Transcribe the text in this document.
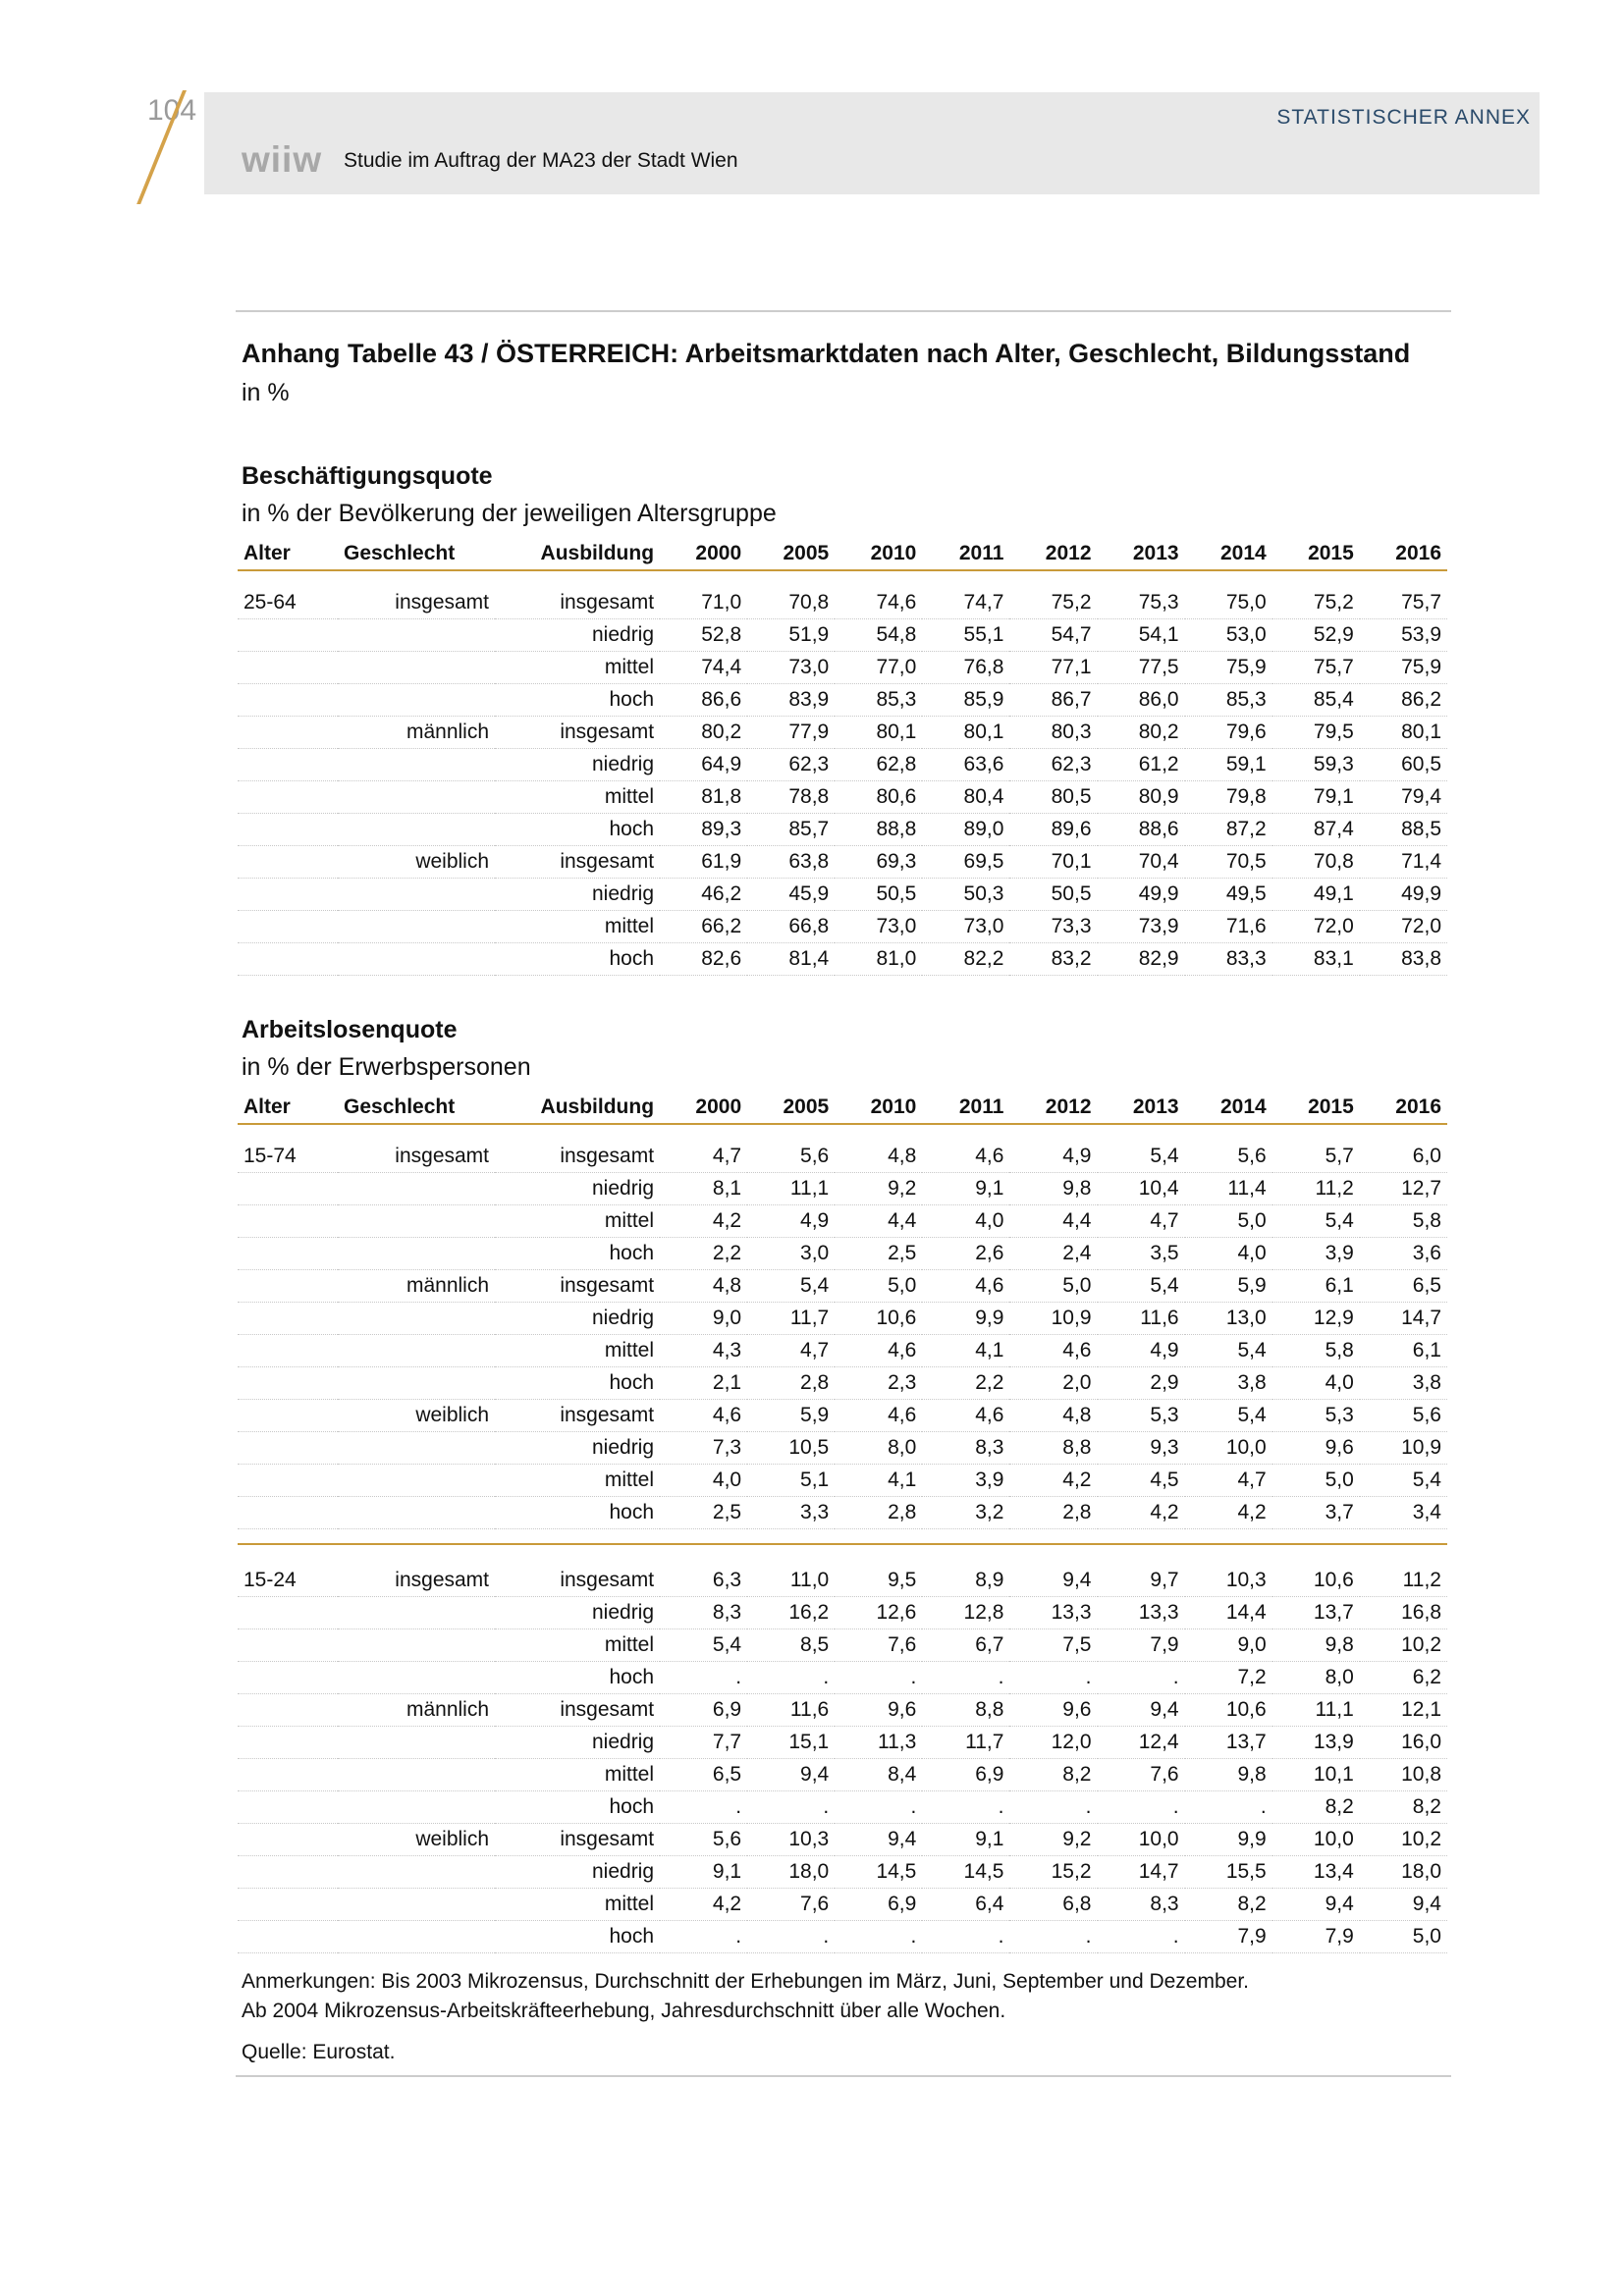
104	STATISTISCHER ANNEX
wiiw Studie im Auftrag der MA23 der Stadt Wien
Anhang Tabelle 43 / ÖSTERREICH: Arbeitsmarktdaten nach Alter, Geschlecht, Bildungsstand
in %
Beschäftigungsquote
in % der Bevölkerung der jeweiligen Altersgruppe
Alter	Geschlecht	Ausbildung	2000	2005	2010	2011	2012	2013	2014	2015	2016

25-64	insgesamt	insgesamt	71,0	70,8	74,6	74,7	75,2	75,3	75,0	75,2	75,7
		niedrig	52,8	51,9	54,8	55,1	54,7	54,1	53,0	52,9	53,9
		mittel	74,4	73,0	77,0	76,8	77,1	77,5	75,9	75,7	75,9
		hoch	86,6	83,9	85,3	85,9	86,7	86,0	85,3	85,4	86,2
	männlich	insgesamt	80,2	77,9	80,1	80,1	80,3	80,2	79,6	79,5	80,1
		niedrig	64,9	62,3	62,8	63,6	62,3	61,2	59,1	59,3	60,5
		mittel	81,8	78,8	80,6	80,4	80,5	80,9	79,8	79,1	79,4
		hoch	89,3	85,7	88,8	89,0	89,6	88,6	87,2	87,4	88,5
	weiblich	insgesamt	61,9	63,8	69,3	69,5	70,1	70,4	70,5	70,8	71,4
		niedrig	46,2	45,9	50,5	50,3	50,5	49,9	49,5	49,1	49,9
		mittel	66,2	66,8	73,0	73,0	73,3	73,9	71,6	72,0	72,0
		hoch	82,6	81,4	81,0	82,2	83,2	82,9	83,3	83,1	83,8
Arbeitslosenquote
in % der Erwerbspersonen
Alter	Geschlecht	Ausbildung	2000	2005	2010	2011	2012	2013	2014	2015	2016

15-74	insgesamt	insgesamt	4,7	5,6	4,8	4,6	4,9	5,4	5,6	5,7	6,0
		niedrig	8,1	11,1	9,2	9,1	9,8	10,4	11,4	11,2	12,7
		mittel	4,2	4,9	4,4	4,0	4,4	4,7	5,0	5,4	5,8
		hoch	2,2	3,0	2,5	2,6	2,4	3,5	4,0	3,9	3,6
	männlich	insgesamt	4,8	5,4	5,0	4,6	5,0	5,4	5,9	6,1	6,5
		niedrig	9,0	11,7	10,6	9,9	10,9	11,6	13,0	12,9	14,7
		mittel	4,3	4,7	4,6	4,1	4,6	4,9	5,4	5,8	6,1
		hoch	2,1	2,8	2,3	2,2	2,0	2,9	3,8	4,0	3,8
	weiblich	insgesamt	4,6	5,9	4,6	4,6	4,8	5,3	5,4	5,3	5,6
		niedrig	7,3	10,5	8,0	8,3	8,8	9,3	10,0	9,6	10,9
		mittel	4,0	5,1	4,1	3,9	4,2	4,5	4,7	5,0	5,4
		hoch	2,5	3,3	2,8	3,2	2,8	4,2	4,2	3,7	3,4

15-24	insgesamt	insgesamt	6,3	11,0	9,5	8,9	9,4	9,7	10,3	10,6	11,2
		niedrig	8,3	16,2	12,6	12,8	13,3	13,3	14,4	13,7	16,8
		mittel	5,4	8,5	7,6	6,7	7,5	7,9	9,0	9,8	10,2
		hoch	.	.	.	.	.	.	7,2	8,0	6,2
	männlich	insgesamt	6,9	11,6	9,6	8,8	9,6	9,4	10,6	11,1	12,1
		niedrig	7,7	15,1	11,3	11,7	12,0	12,4	13,7	13,9	16,0
		mittel	6,5	9,4	8,4	6,9	8,2	7,6	9,8	10,1	10,8
		hoch	.	.	.	.	.	.	.	8,2	8,2
	weiblich	insgesamt	5,6	10,3	9,4	9,1	9,2	10,0	9,9	10,0	10,2
		niedrig	9,1	18,0	14,5	14,5	15,2	14,7	15,5	13,4	18,0
		mittel	4,2	7,6	6,9	6,4	6,8	8,3	8,2	9,4	9,4
		hoch	.	.	.	.	.	.	7,9	7,9	5,0
Anmerkungen: Bis 2003 Mikrozensus, Durchschnitt der Erhebungen im März, Juni, September und Dezember.
Ab 2004 Mikrozensus-Arbeitskräfteerhebung, Jahresdurchschnitt über alle Wochen.
Quelle: Eurostat.
